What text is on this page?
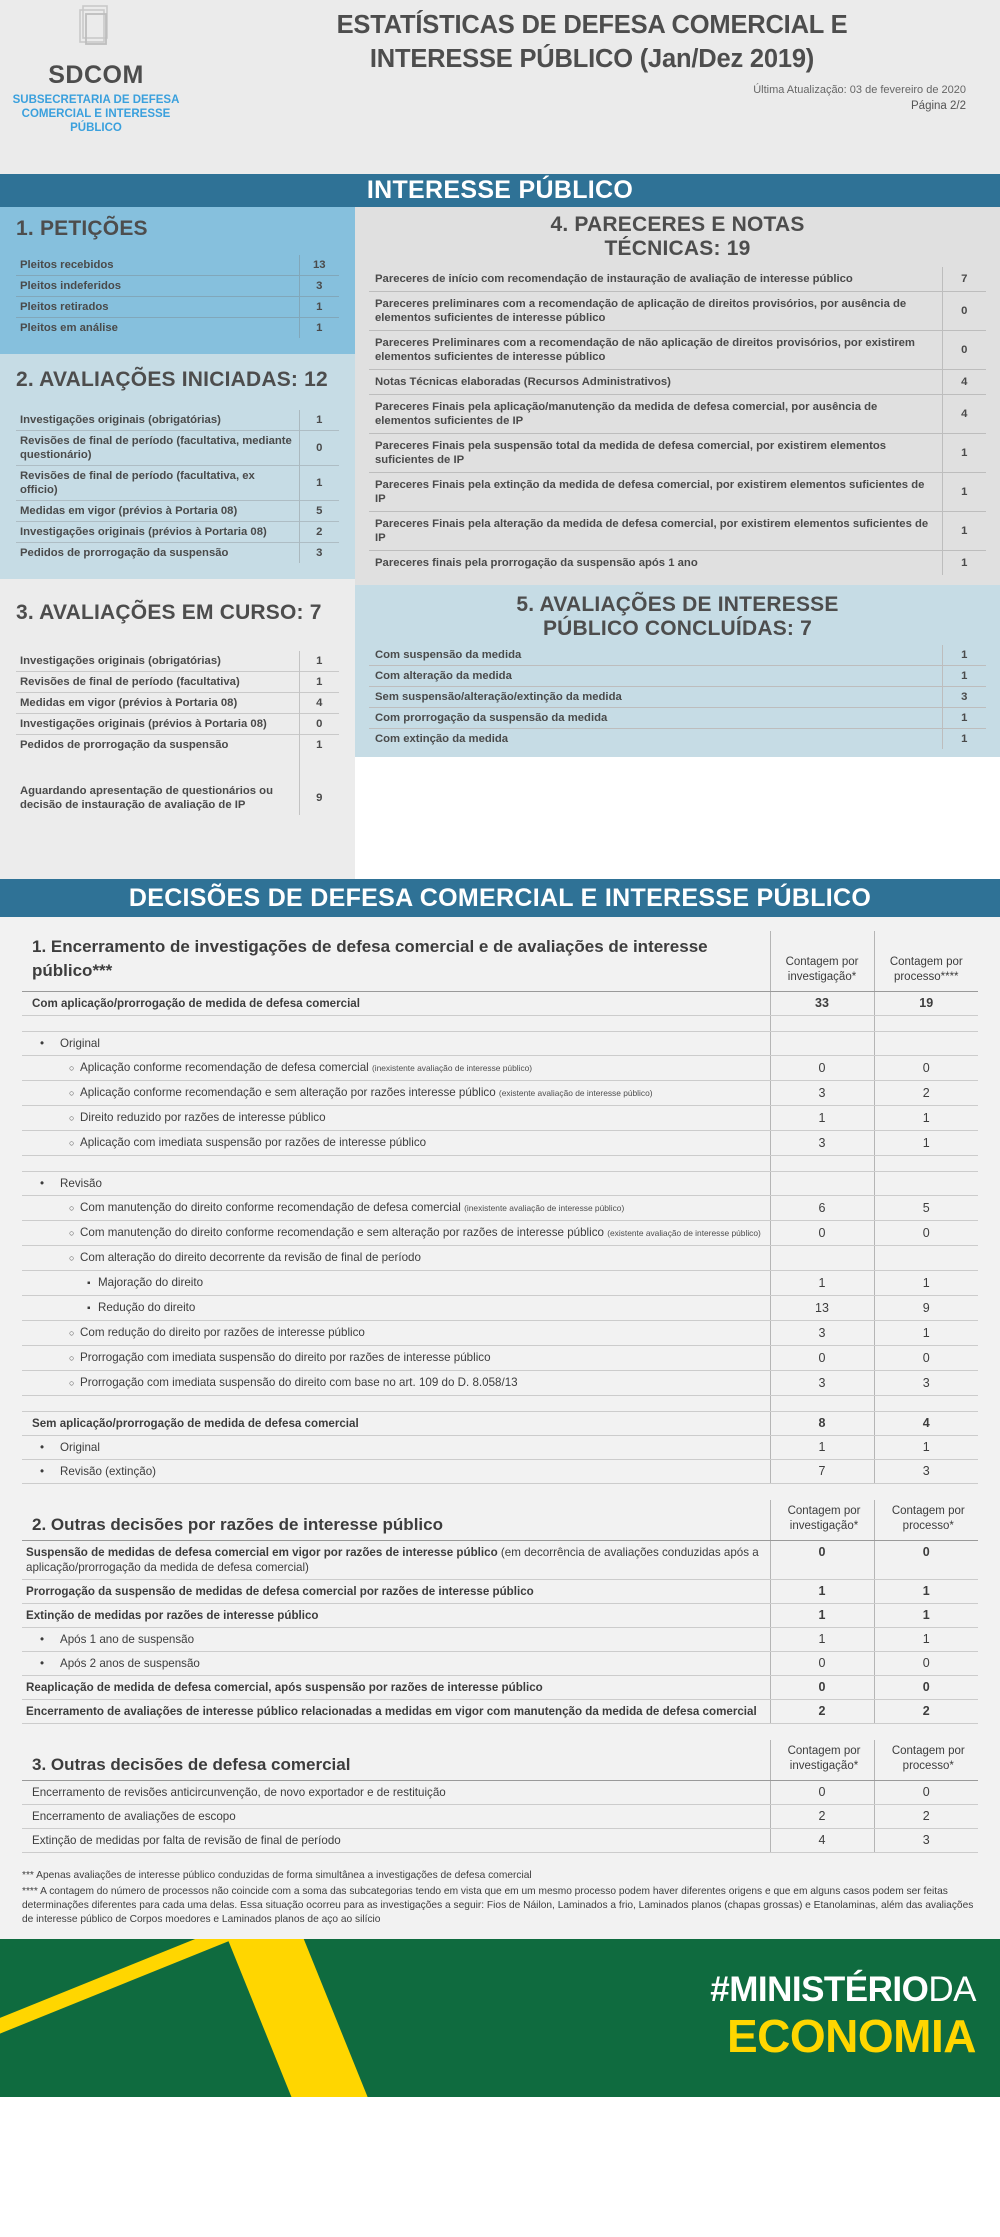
SDCOM
SUBSECRETARIA DE DEFESA
COMERCIAL E INTERESSE PÚBLICO
ESTATÍSTICAS DE DEFESA COMERCIAL E
INTERESSE PÚBLICO (Jan/Dez 2019)
Última Atualização: 03 de fevereiro de 2020
Página 2/2
INTERESSE PÚBLICO
1. PETIÇÕES
Pleitos recebidos	13
Pleitos indeferidos	3
Pleitos retirados	1
Pleitos em análise	1
2. AVALIAÇÕES INICIADAS: 12
Investigações originais (obrigatórias)	1
Revisões de final de período (facultativa, mediante questionário)	0
Revisões de final de período (facultativa, ex officio)	1
Medidas em vigor (prévios à Portaria 08)	5
Investigações originais (prévios à Portaria 08)	2
Pedidos de prorrogação da suspensão	3
3. AVALIAÇÕES EM CURSO: 7
Investigações originais (obrigatórias)	1
Revisões de final de período (facultativa)	1
Medidas em vigor (prévios à Portaria 08)	4
Investigações originais (prévios à Portaria 08)	0
Pedidos de prorrogação da suspensão	1

Aguardando apresentação de questionários ou decisão de instauração de avaliação de IP	9
4. PARECERES E NOTAS
TÉCNICAS: 19
Pareceres de início com recomendação de instauração de avaliação de interesse público	7
Pareceres preliminares com a recomendação de aplicação de direitos provisórios, por ausência de elementos suficientes de interesse público	0
Pareceres Preliminares com a recomendação de não aplicação de direitos provisórios, por existirem elementos suficientes de interesse público	0
Notas Técnicas elaboradas (Recursos Administrativos)	4
Pareceres Finais pela aplicação/manutenção da medida de defesa comercial, por ausência de elementos suficientes de IP	4
Pareceres Finais pela suspensão total da medida de defesa comercial, por existirem elementos suficientes de IP	1
Pareceres Finais pela extinção da medida de defesa comercial, por existirem elementos suficientes de IP	1
Pareceres Finais pela alteração da medida de defesa comercial, por existirem elementos suficientes de IP	1
Pareceres finais pela prorrogação da suspensão após 1 ano	1
5. AVALIAÇÕES DE INTERESSE
PÚBLICO CONCLUÍDAS: 7
Com suspensão da medida	1
Com alteração da medida	1
Sem suspensão/alteração/extinção da medida	3
Com prorrogação da suspensão da medida	1
Com extinção da medida	1
DECISÕES DE DEFESA COMERCIAL E INTERESSE PÚBLICO
1. Encerramento de investigações de defesa comercial e de avaliações de interesse público***	Contagem por
investigação*

Contagem por
processo****

Com aplicação/prorrogação de medida de defesa comercial	33	19

• Original		
○ Aplicação conforme recomendação de defesa comercial (inexistente avaliação de interesse público)	0	0
○ Aplicação conforme recomendação e sem alteração por razões interesse público (existente avaliação de interesse público)	3	2
○ Direito reduzido por razões de interesse público	1	1
○ Aplicação com imediata suspensão por razões de interesse público	3	1

• Revisão		
○ Com manutenção do direito conforme recomendação de defesa comercial (inexistente avaliação de interesse público)	6	5
○ Com manutenção do direito conforme recomendação e sem alteração por razões de interesse público (existente avaliação de interesse público)	0	0
○ Com alteração do direito decorrente da revisão de final de período		
▪ Majoração do direito	1	1
▪ Redução do direito	13	9
○ Com redução do direito por razões de interesse público	3	1
○ Prorrogação com imediata suspensão do direito por razões de interesse público	0	0
○ Prorrogação com imediata suspensão do direito com base no art. 109 do D. 8.058/13	3	3

Sem aplicação/prorrogação de medida de defesa comercial	8	4
• Original	1	1
• Revisão (extinção)	7	3
2. Outras decisões por razões de interesse público	
Contagem por
investigação*

Contagem por
processo*

Suspensão de medidas de defesa comercial em vigor por razões de interesse público (em decorrência de avaliações conduzidas após a aplicação/prorrogação da medida de defesa comercial)	0	0
Prorrogação da suspensão de medidas de defesa comercial por razões de interesse público	1	1
Extinção de medidas por razões de interesse público	1	1
• Após 1 ano de suspensão	1	1
• Após 2 anos de suspensão	0	0
Reaplicação de medida de defesa comercial, após suspensão por razões de interesse público	0	0
Encerramento de avaliações de interesse público relacionadas a medidas em vigor com manutenção da medida de defesa comercial	2	2
3. Outras decisões de defesa comercial	
Contagem por
investigação*

Contagem por
processo*

Encerramento de revisões anticircunvenção, de novo exportador e de restituição	0	0
Encerramento de avaliações de escopo	2	2
Extinção de medidas por falta de revisão de final de período	4	3
*** Apenas avaliações de interesse público conduzidas de forma simultânea a investigações de defesa comercial
**** A contagem do número de processos não coincide com a soma das subcategorias tendo em vista que em um mesmo processo podem haver diferentes origens e que em alguns casos podem ser feitas determinações diferentes para cada uma delas. Essa situação ocorreu para as investigações a seguir: Fios de Náilon, Laminados a frio, Laminados planos (chapas grossas) e Etanolaminas, além das avaliações de interesse público de Corpos moedores e Laminados planos de aço ao silício
#MINISTÉRIODA
ECONOMIA
